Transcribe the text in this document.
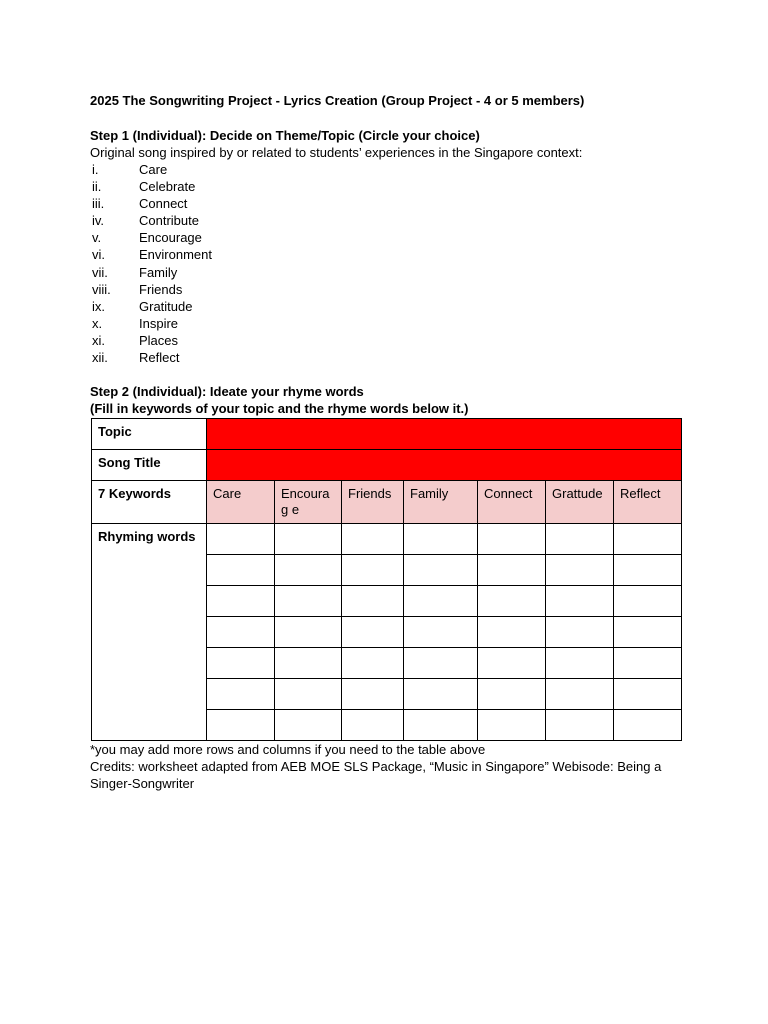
2025 The Songwriting Project - Lyrics Creation (Group Project - 4 or 5 members)
Step 1 (Individual): Decide on Theme/Topic (Circle your choice)
Original song inspired by or related to students’ experiences in the Singapore context:
i.	Care
ii.	Celebrate
iii.	Connect
iv.	Contribute
v.	Encourage
vi.	Environment
vii.	Family
viii.	Friends
ix.	Gratitude
x.	Inspire
xi.	Places
xii.	Reflect
Step 2 (Individual): Ideate your rhyme words
(Fill in keywords of your topic and the rhyme words below it.)
Topic							
Song Title							
7 Keywords	Care	Encourag e	Friends	Family	Connect	Grattude	Reflect
Rhyming words							

*you may add more rows and columns if you need to the table above
Credits: worksheet adapted from AEB MOE SLS Package, “Music in Singapore” Webisode: Being a Singer-Songwriter
